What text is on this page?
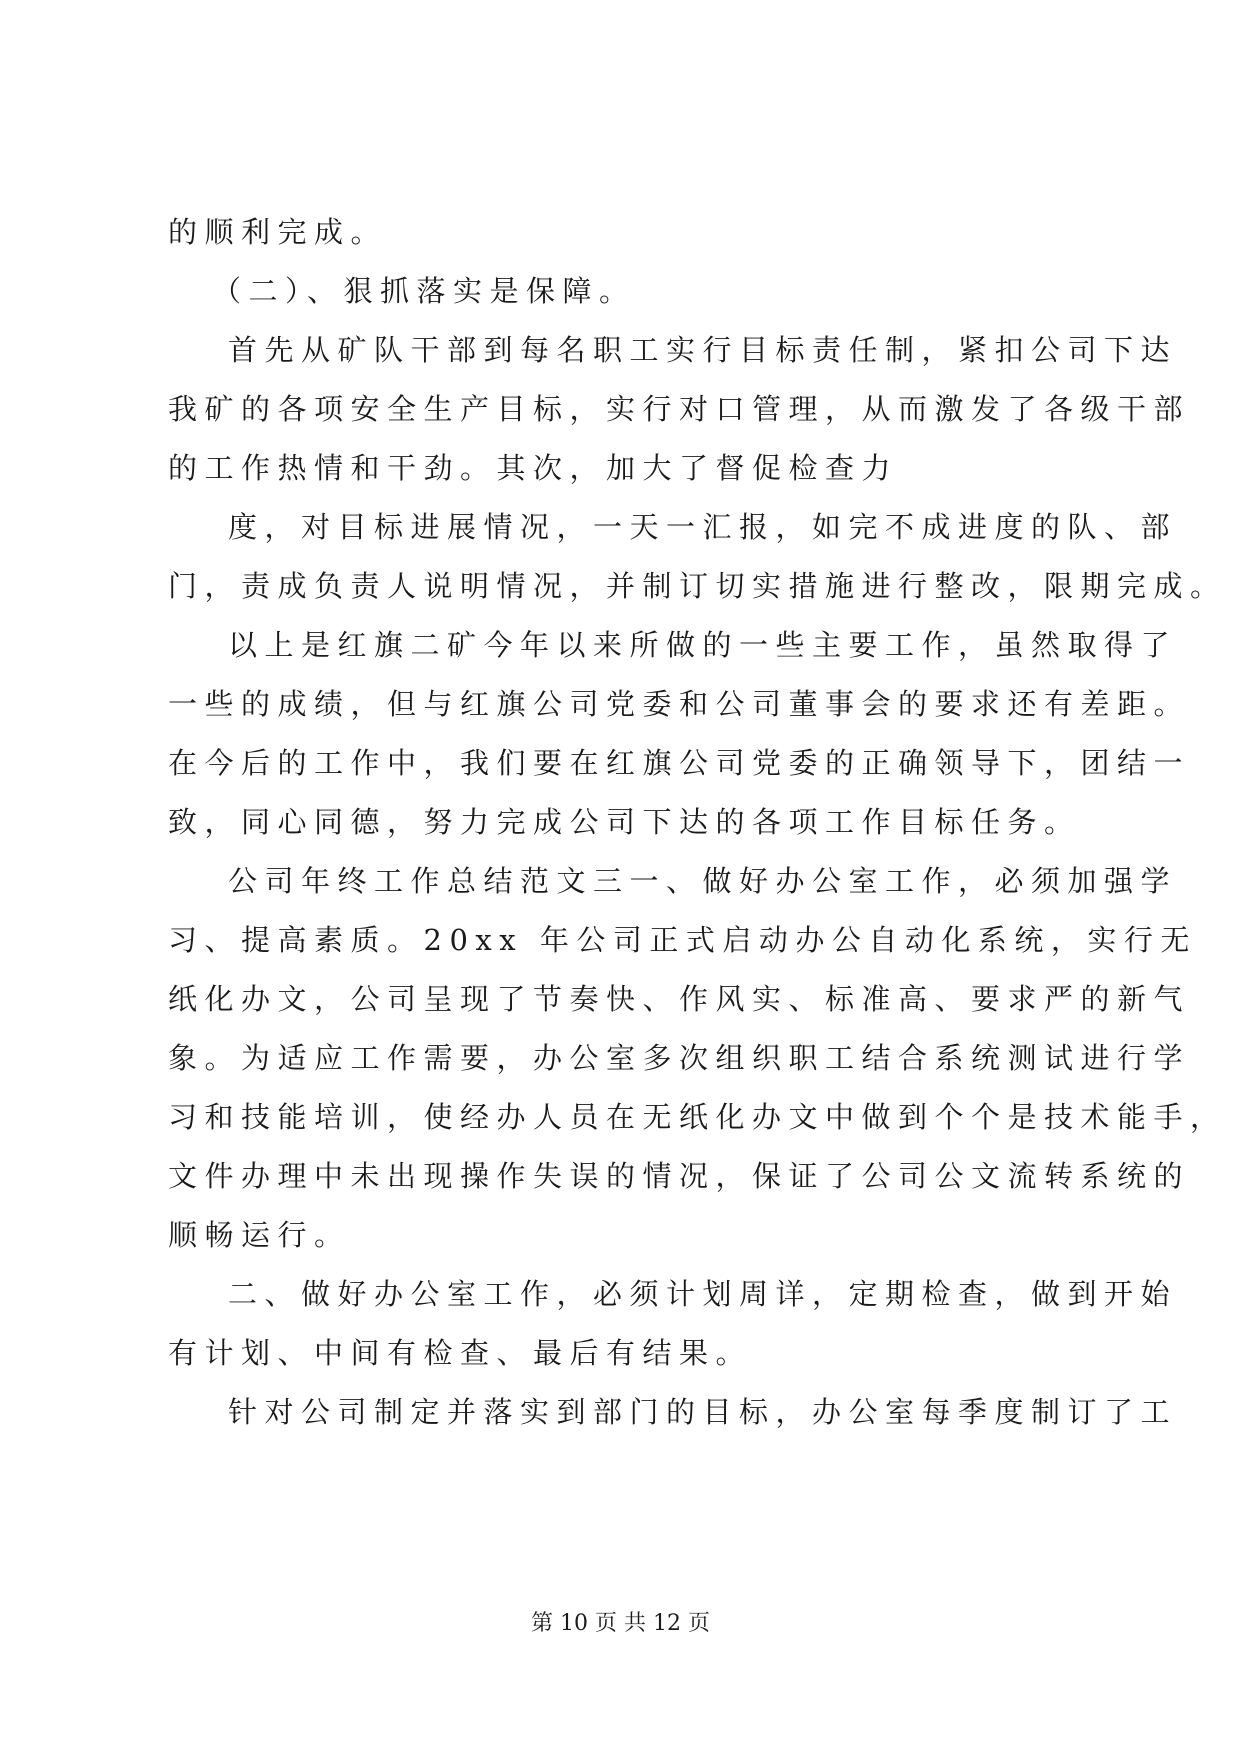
的顺利完成。
（二）、狠抓落实是保障。
首先从矿队干部到每名职工实行目标责任制，紧扣公司下达
我矿的各项安全生产目标，实行对口管理，从而激发了各级干部
的工作热情和干劲。其次，加大了督促检查力
度，对目标进展情况，一天一汇报，如完不成进度的队、部
门，责成负责人说明情况，并制订切实措施进行整改，限期完成。
以上是红旗二矿今年以来所做的一些主要工作，虽然取得了
一些的成绩，但与红旗公司党委和公司董事会的要求还有差距。
在今后的工作中，我们要在红旗公司党委的正确领导下，团结一
致，同心同德，努力完成公司下达的各项工作目标任务。
公司年终工作总结范文三一、做好办公室工作，必须加强学
习、提高素质。20xx 年公司正式启动办公自动化系统，实行无
纸化办文，公司呈现了节奏快、作风实、标准高、要求严的新气
象。为适应工作需要，办公室多次组织职工结合系统测试进行学
习和技能培训，使经办人员在无纸化办文中做到个个是技术能手，
文件办理中未出现操作失误的情况，保证了公司公文流转系统的
顺畅运行。
二、做好办公室工作，必须计划周详，定期检查，做到开始
有计划、中间有检查、最后有结果。
针对公司制定并落实到部门的目标，办公室每季度制订了工
第 10 页 共 12 页
